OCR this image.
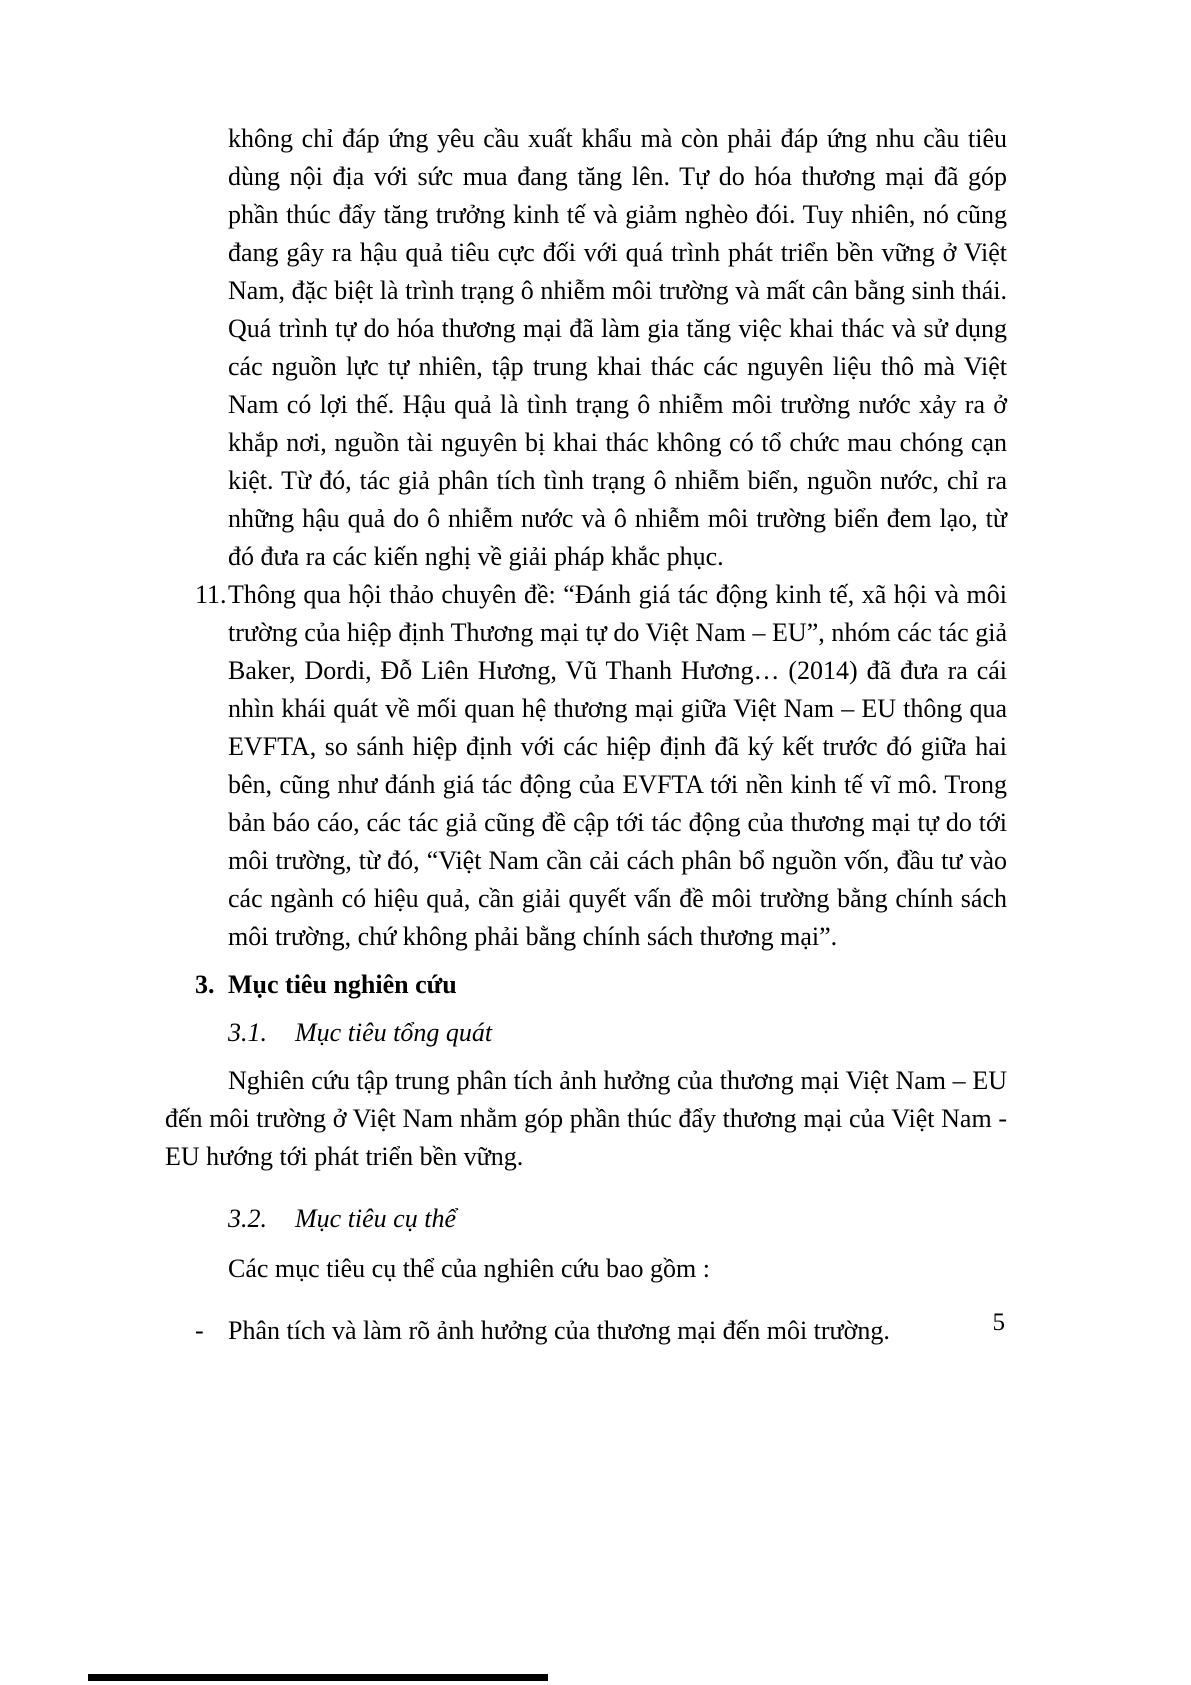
không chỉ đáp ứng yêu cầu xuất khẩu mà còn phải đáp ứng nhu cầu tiêu dùng nội địa với sức mua đang tăng lên. Tự do hóa thương mại đã góp phần thúc đẩy tăng trưởng kinh tế và giảm nghèo đói. Tuy nhiên, nó cũng đang gây ra hậu quả tiêu cực đối với quá trình phát triển bền vững ở Việt Nam, đặc biệt là trình trạng ô nhiễm môi trường và mất cân bằng sinh thái. Quá trình tự do hóa thương mại đã làm gia tăng việc khai thác và sử dụng các nguồn lực tự nhiên, tập trung khai thác các nguyên liệu thô mà Việt Nam có lợi thế. Hậu quả là tình trạng ô nhiễm môi trường nước xảy ra ở khắp nơi, nguồn tài nguyên bị khai thác không có tổ chức mau chóng cạn kiệt. Từ đó, tác giả phân tích tình trạng ô nhiễm biển, nguồn nước, chỉ ra những hậu quả do ô nhiễm nước và ô nhiễm môi trường biển đem lạo, từ đó đưa ra các kiến nghị về giải pháp khắc phục.

11.Thông qua hội thảo chuyên đề: “Đánh giá tác động kinh tế, xã hội và môi trường của hiệp định Thương mại tự do Việt Nam – EU”, nhóm các tác giả Baker, Dordi, Đỗ Liên Hương, Vũ Thanh Hương… (2014) đã đưa ra cái nhìn khái quát về mối quan hệ thương mại giữa Việt Nam – EU thông qua EVFTA, so sánh hiệp định với các hiệp định đã ký kết trước đó giữa hai bên, cũng như đánh giá tác động của EVFTA tới nền kinh tế vĩ mô. Trong bản báo cáo, các tác giả cũng đề cập tới tác động của thương mại tự do tới môi trường, từ đó, “Việt Nam cần cải cách phân bổ nguồn vốn, đầu tư vào các ngành có hiệu quả, cần giải quyết vấn đề môi trường bằng chính sách môi trường, chứ không phải bằng chính sách thương mại”.

3. Mục tiêu nghiên cứu

3.1. Mục tiêu tổng quát

Nghiên cứu tập trung phân tích ảnh hưởng của thương mại Việt Nam – EU đến môi trường ở Việt Nam nhằm góp phần thúc đẩy thương mại của Việt Nam - EU hướng tới phát triển bền vững.

3.2. Mục tiêu cụ thể

Các mục tiêu cụ thể của nghiên cứu bao gồm :

- Phân tích và làm rõ ảnh hưởng của thương mại đến môi trường.	5
